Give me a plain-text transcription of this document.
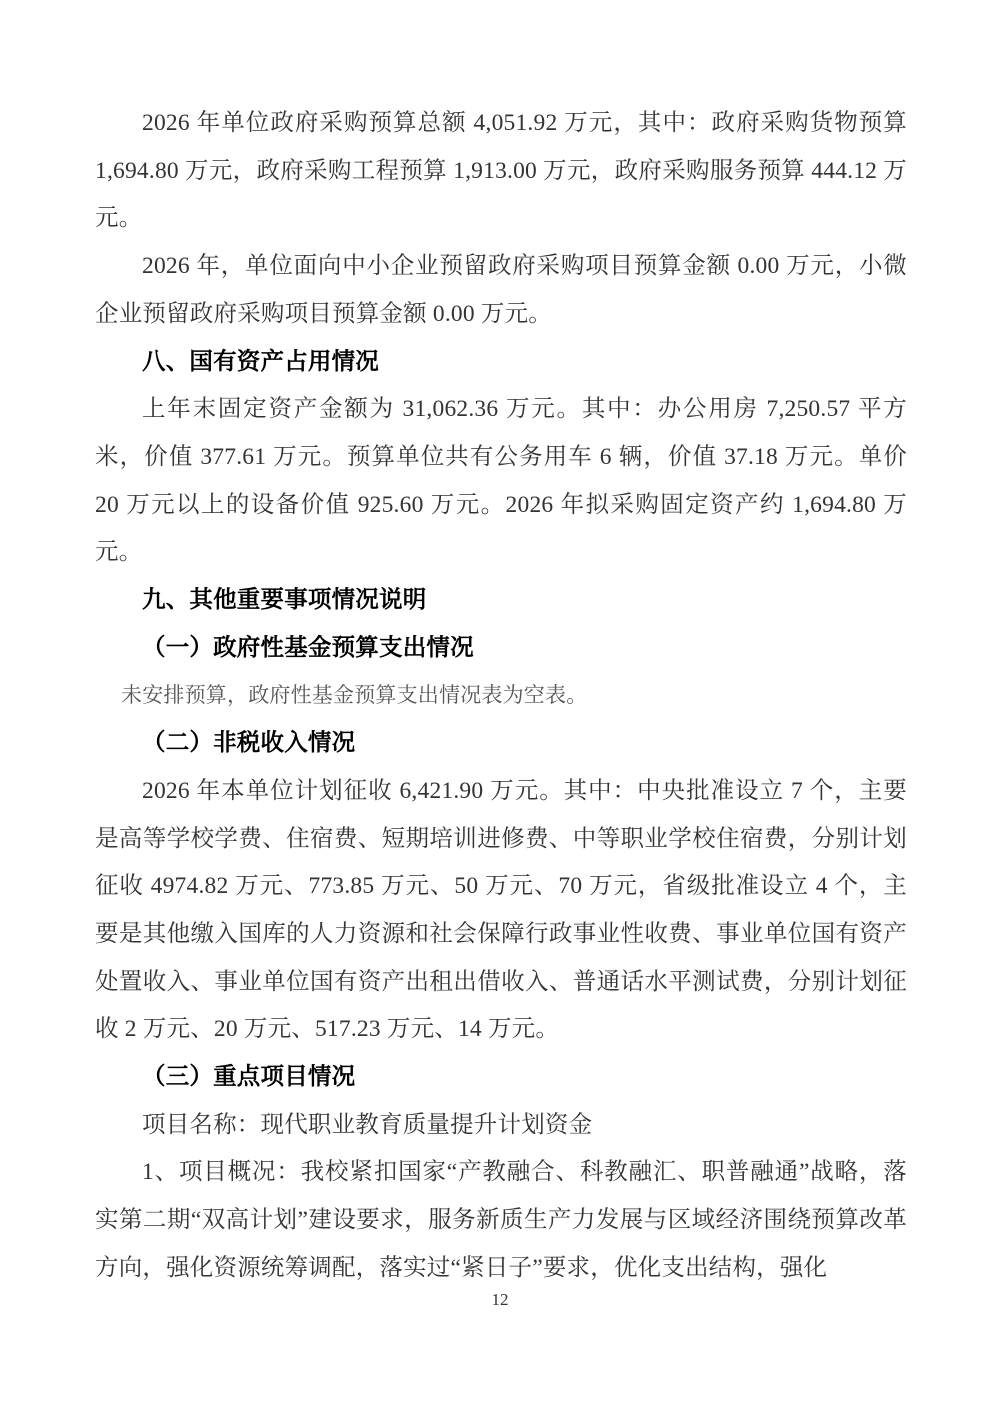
2026 年单位政府采购预算总额 4,051.92 万元，其中：政府采购货物预算 1,694.80 万元，政府采购工程预算 1,913.00 万元，政府采购服务预算 444.12 万元。

2026 年，单位面向中小企业预留政府采购项目预算金额 0.00 万元，小微企业预留政府采购项目预算金额 0.00 万元。

八、国有资产占用情况

上年末固定资产金额为 31,062.36 万元。其中：办公用房 7,250.57 平方米，价值 377.61 万元。预算单位共有公务用车 6 辆，价值 37.18 万元。单价 20 万元以上的设备价值 925.60 万元。2026 年拟采购固定资产约 1,694.80 万元。

九、其他重要事项情况说明

（一）政府性基金预算支出情况

未安排预算，政府性基金预算支出情况表为空表。

（二）非税收入情况

2026 年本单位计划征收 6,421.90 万元。其中：中央批准设立 7 个，主要是高等学校学费、住宿费、短期培训进修费、中等职业学校住宿费，分别计划征收 4974.82 万元、773.85 万元、50 万元、70 万元，省级批准设立 4 个，主要是其他缴入国库的人力资源和社会保障行政事业性收费、事业单位国有资产处置收入、事业单位国有资产出租出借收入、普通话水平测试费，分别计划征收 2 万元、20 万元、517.23 万元、14 万元。

（三）重点项目情况

项目名称：现代职业教育质量提升计划资金

1、项目概况：我校紧扣国家“产教融合、科教融汇、职普融通”战略，落实第二期“双高计划”建设要求，服务新质生产力发展与区域经济围绕预算改革方向，强化资源统筹调配，落实过“紧日子”要求，优化支出结构，强化

12
